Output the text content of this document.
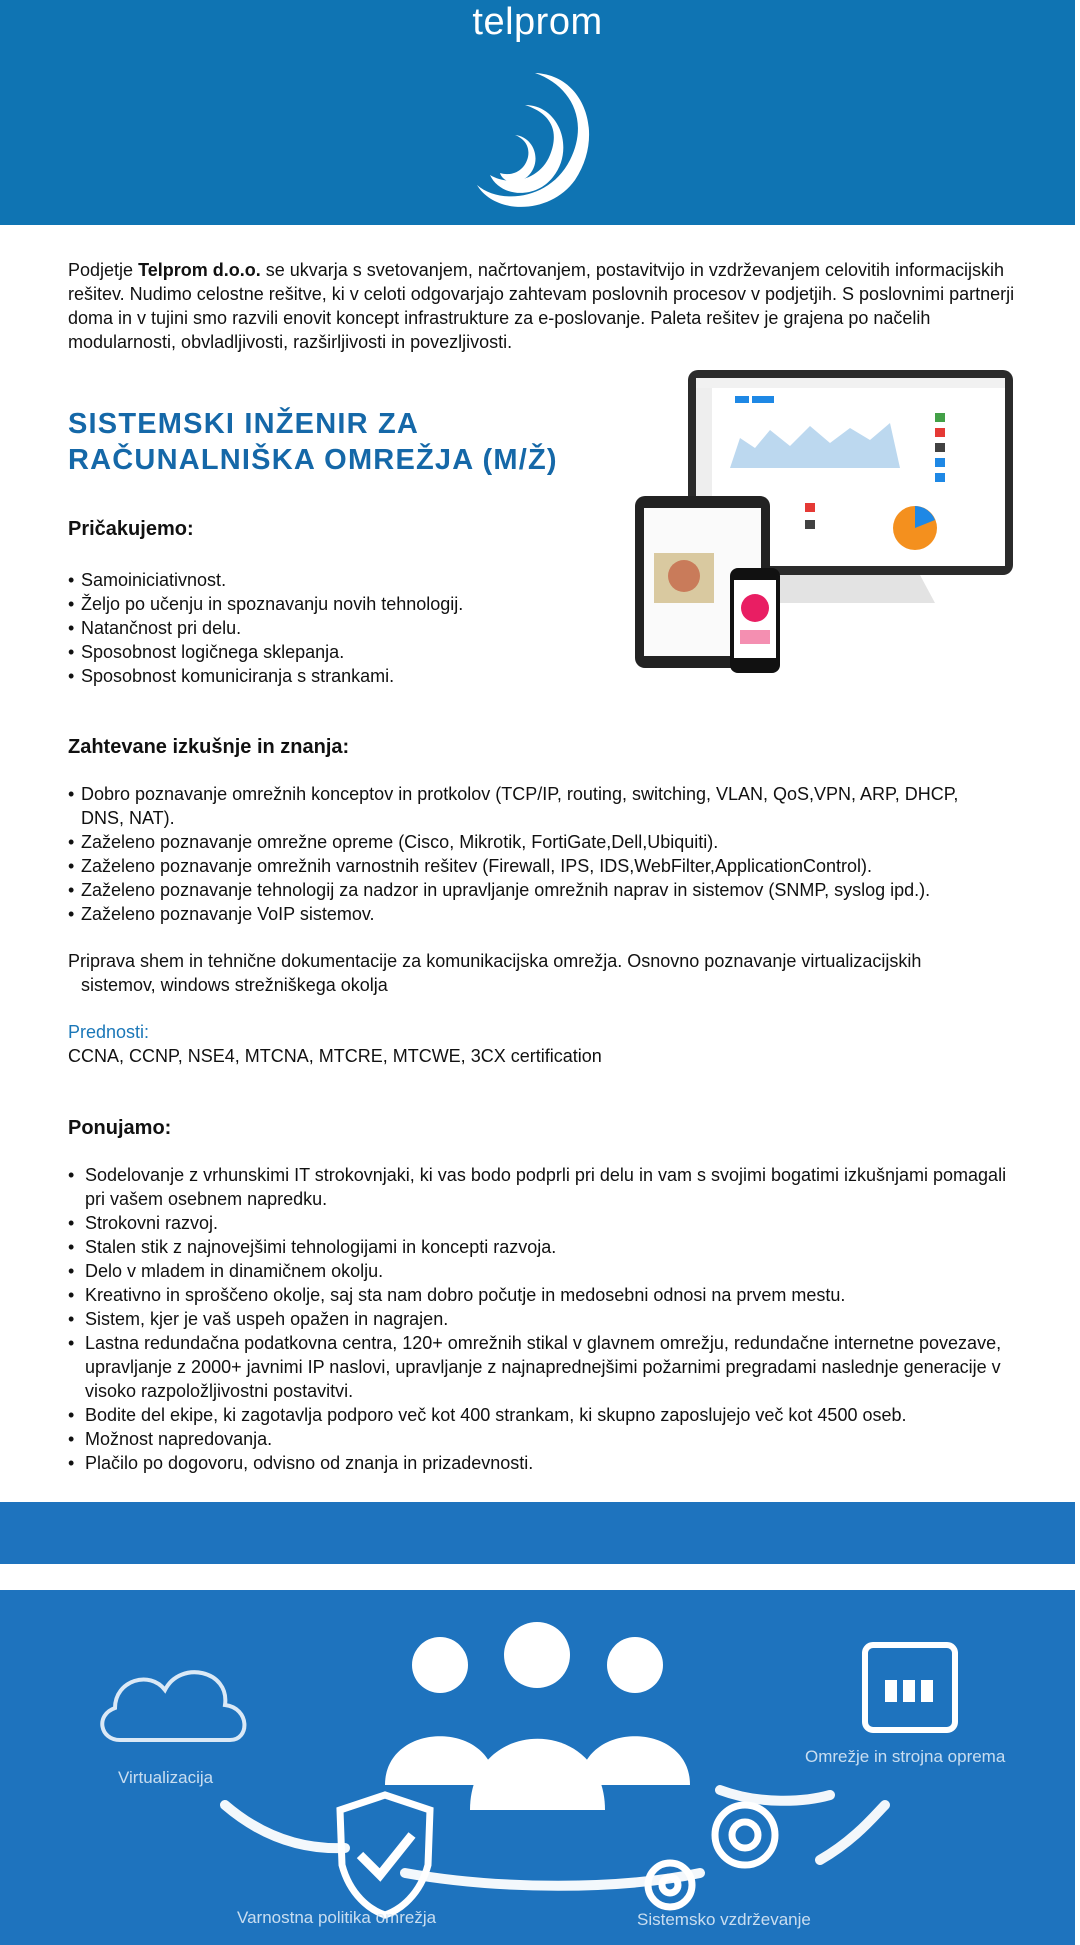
telprom
Podjetje Telprom d.o.o. se ukvarja s svetovanjem, načrtovanjem, postavitvijo in vzdrževanjem celovitih informacijskih rešitev. Nudimo celostne rešitve, ki v celoti odgovarjajo zahtevam poslovnih procesov v podjetjih. S poslovnimi partnerji doma in v tujini smo razvili enovit koncept infrastrukture za e-poslovanje. Paleta rešitev je grajena po načelih modularnosti, obvladljivosti, razširljivosti in povezljivosti.
SISTEMSKI INŽENIR ZA
RAČUNALNIŠKA OMREŽJA (M/Ž)
Pričakujemo:
• Samoiniciativnost.
• Željo po učenju in spoznavanju novih tehnologij.
• Natančnost pri delu.
• Sposobnost logičnega sklepanja.
• Sposobnost komuniciranja s strankami.
Zahtevane izkušnje in znanja:
• Dobro poznavanje omrežnih konceptov in protkolov (TCP/IP, routing, switching, VLAN, QoS,VPN, ARP, DHCP, DNS, NAT).
• Zaželeno poznavanje omrežne opreme (Cisco, Mikrotik, FortiGate,Dell,Ubiquiti).
• Zaželeno poznavanje omrežnih varnostnih rešitev (Firewall, IPS, IDS,WebFilter,ApplicationControl).
• Zaželeno poznavanje tehnologij za nadzor in upravljanje omrežnih naprav in sistemov (SNMP, syslog ipd.).
• Zaželeno poznavanje VoIP sistemov.
Priprava shem in tehnične dokumentacije za komunikacijska omrežja. Osnovno poznavanje virtualizacijskih
sistemov, windows strežniškega okolja
Prednosti:
CCNA, CCNP, NSE4, MTCNA, MTCRE, MTCWE, 3CX certification
Ponujamo:
• Sodelovanje z vrhunskimi IT strokovnjaki, ki vas bodo podprli pri delu in vam s svojimi bogatimi izkušnjami pomagali pri vašem osebnem napredku.
• Strokovni razvoj.
• Stalen stik z najnovejšimi tehnologijami in koncepti razvoja.
• Delo v mladem in dinamičnem okolju.
• Kreativno in sproščeno okolje, saj sta nam dobro počutje in medosebni odnosi na prvem mestu.
• Sistem, kjer je vaš uspeh opažen in nagrajen.
• Lastna redundačna podatkovna centra, 120+ omrežnih stikal v glavnem omrežju, redundačne internetne povezave, upravljanje z 2000+ javnimi IP naslovi, upravljanje z najnaprednejšimi požarnimi pregradami naslednje generacije v visoko razpoložljivostni postavitvi.
• Bodite del ekipe, ki zagotavlja podporo več kot 400 strankam, ki skupno zaposlujejo več kot 4500 oseb.
• Možnost napredovanja.
• Plačilo po dogovoru, odvisno od znanja in prizadevnosti.
Virtualizacija
Omrežje in strojna oprema
Varnostna politika omrežja	Sistemsko vzdrževanje
